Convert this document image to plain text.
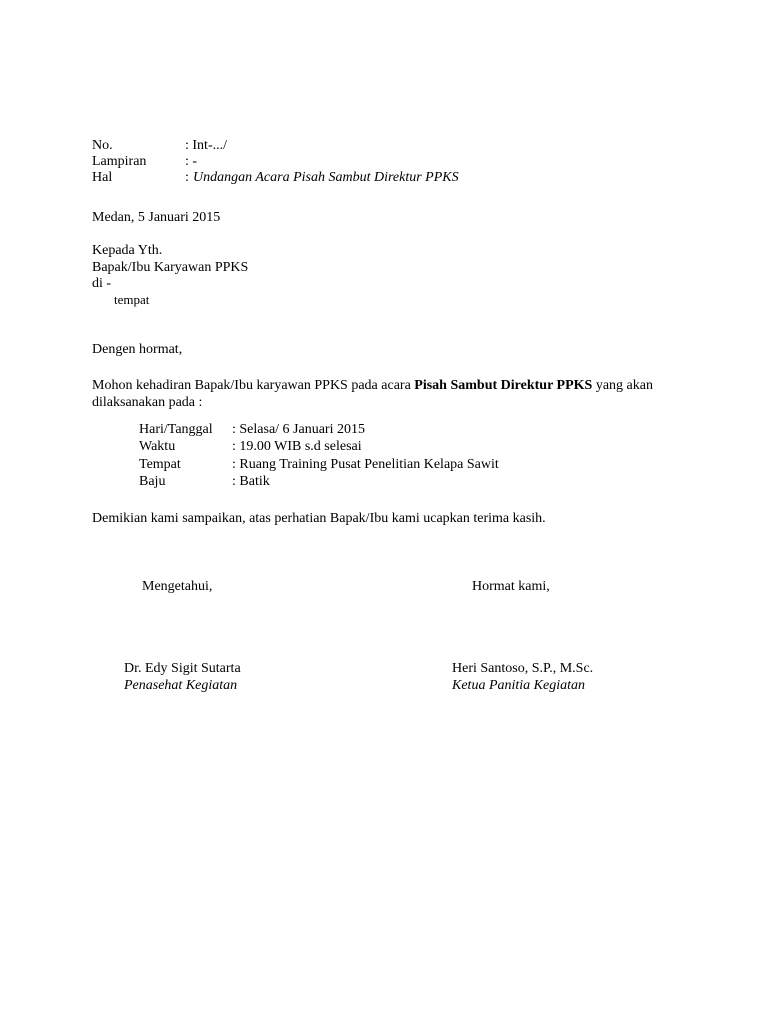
No.	: Int-.../
Lampiran	: -
Hal	: Undangan Acara Pisah Sambut Direktur PPKS
Medan, 5 Januari 2015
Kepada Yth.
Bapak/Ibu Karyawan PPKS
di -
tempat
Dengen hormat,
Mohon kehadiran Bapak/Ibu karyawan PPKS pada acara Pisah Sambut Direktur PPKS yang akan dilaksanakan pada :
Hari/Tanggal : Selasa/ 6 Januari 2015
Waktu	: 19.00 WIB s.d selesai
Tempat	: Ruang Training Pusat Penelitian Kelapa Sawit
Baju	: Batik
Demikian kami sampaikan, atas perhatian Bapak/Ibu kami ucapkan terima kasih.
Mengetahui,	Hormat kami,
Dr. Edy Sigit Sutarta	Heri Santoso, S.P., M.Sc.
Penasehat Kegiatan	Ketua Panitia Kegiatan
